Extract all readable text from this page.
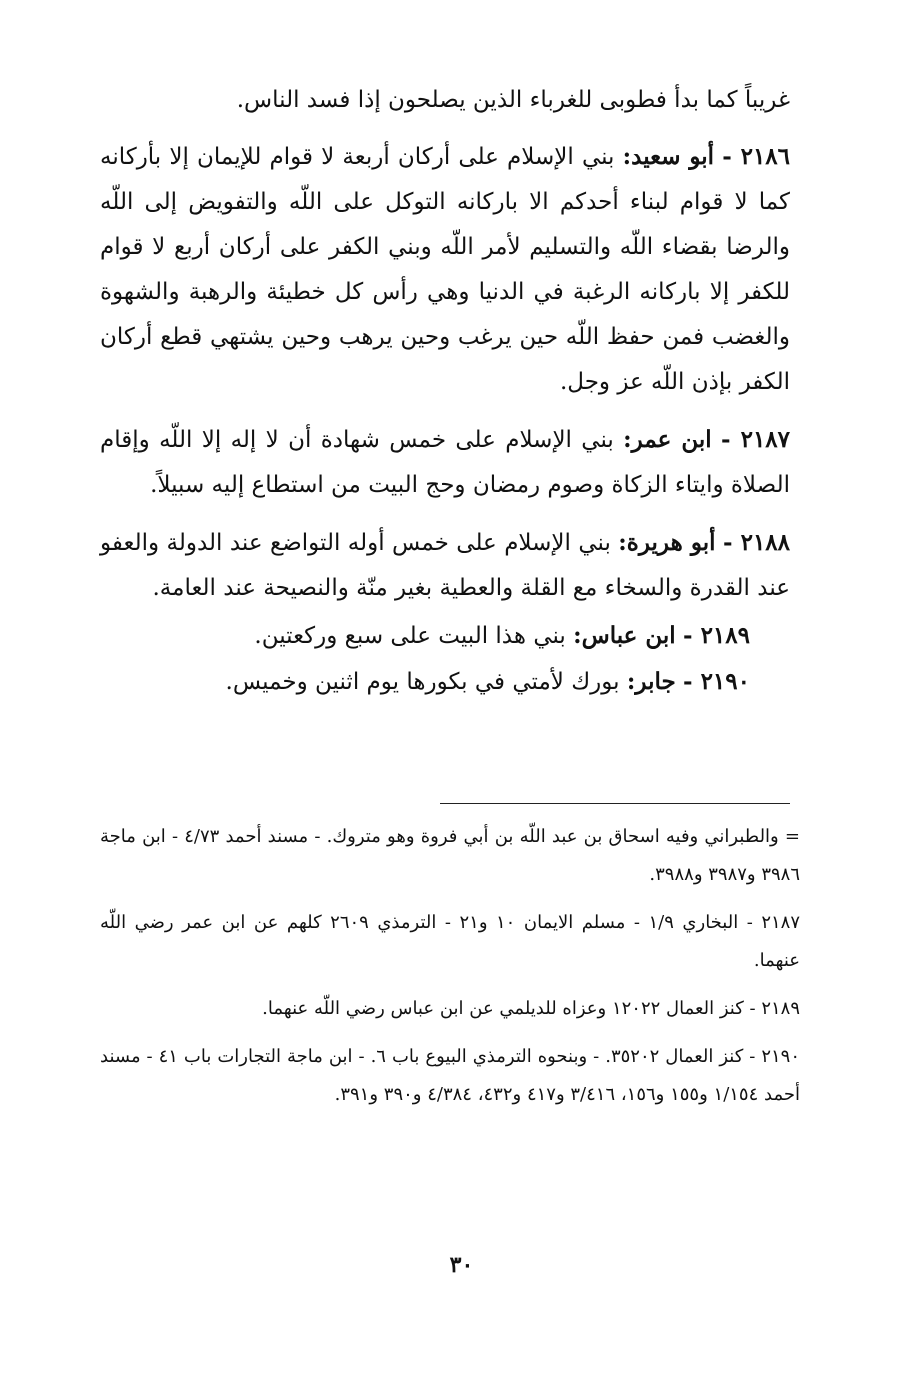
غريباً كما بدأ فطوبى للغرباء الذين يصلحون إذا فسد الناس.
٢١٨٦ - أبو سعيد: بني الإسلام على أركان أربعة لا قوام للإيمان إلا بأركانه كما لا قوام لبناء أحدكم الا باركانه التوكل على اللّه والتفويض إلى اللّه والرضا بقضاء اللّه والتسليم لأمر اللّه وبني الكفر على أركان أربع لا قوام للكفر إلا باركانه الرغبة في الدنيا وهي رأس كل خطيئة والرهبة والشهوة والغضب فمن حفظ اللّه حين يرغب وحين يرهب وحين يشتهي قطع أركان الكفر بإذن اللّه عز وجل.
٢١٨٧ - ابن عمر: بني الإسلام على خمس شهادة أن لا إله إلا اللّه وإقام الصلاة وايتاء الزكاة وصوم رمضان وحج البيت من استطاع إليه سبيلاً.
٢١٨٨ - أبو هريرة: بني الإسلام على خمس أوله التواضع عند الدولة والعفو عند القدرة والسخاء مع القلة والعطية بغير منّة والنصيحة عند العامة.
٢١٨٩ - ابن عباس: بني هذا البيت على سبع وركعتين.
٢١٩٠ - جابر: بورك لأمتي في بكورها يوم اثنين وخميس.
= والطبراني وفيه اسحاق بن عبد اللّه بن أبي فروة وهو متروك. - مسند أحمد ٤/٧٣ - ابن ماجة ٣٩٨٦ و٣٩٨٧ و٣٩٨٨.
٢١٨٧ - البخاري ١/٩ - مسلم الايمان ١٠ و٢١ - الترمذي ٢٦٠٩ كلهم عن ابن عمر رضي اللّه عنهما.
٢١٨٩ - كنز العمال ١٢٠٢٢ وعزاه للديلمي عن ابن عباس رضي اللّه عنهما.
٢١٩٠ - كنز العمال ٣٥٢٠٢. - وبنحوه الترمذي البيوع باب ٦. - ابن ماجة التجارات باب ٤١ - مسند أحمد ١/١٥٤ و١٥٥ و١٥٦، ٣/٤١٦ و٤١٧ و٤٣٢، ٤/٣٨٤ و٣٩٠ و٣٩١.
٣٠
